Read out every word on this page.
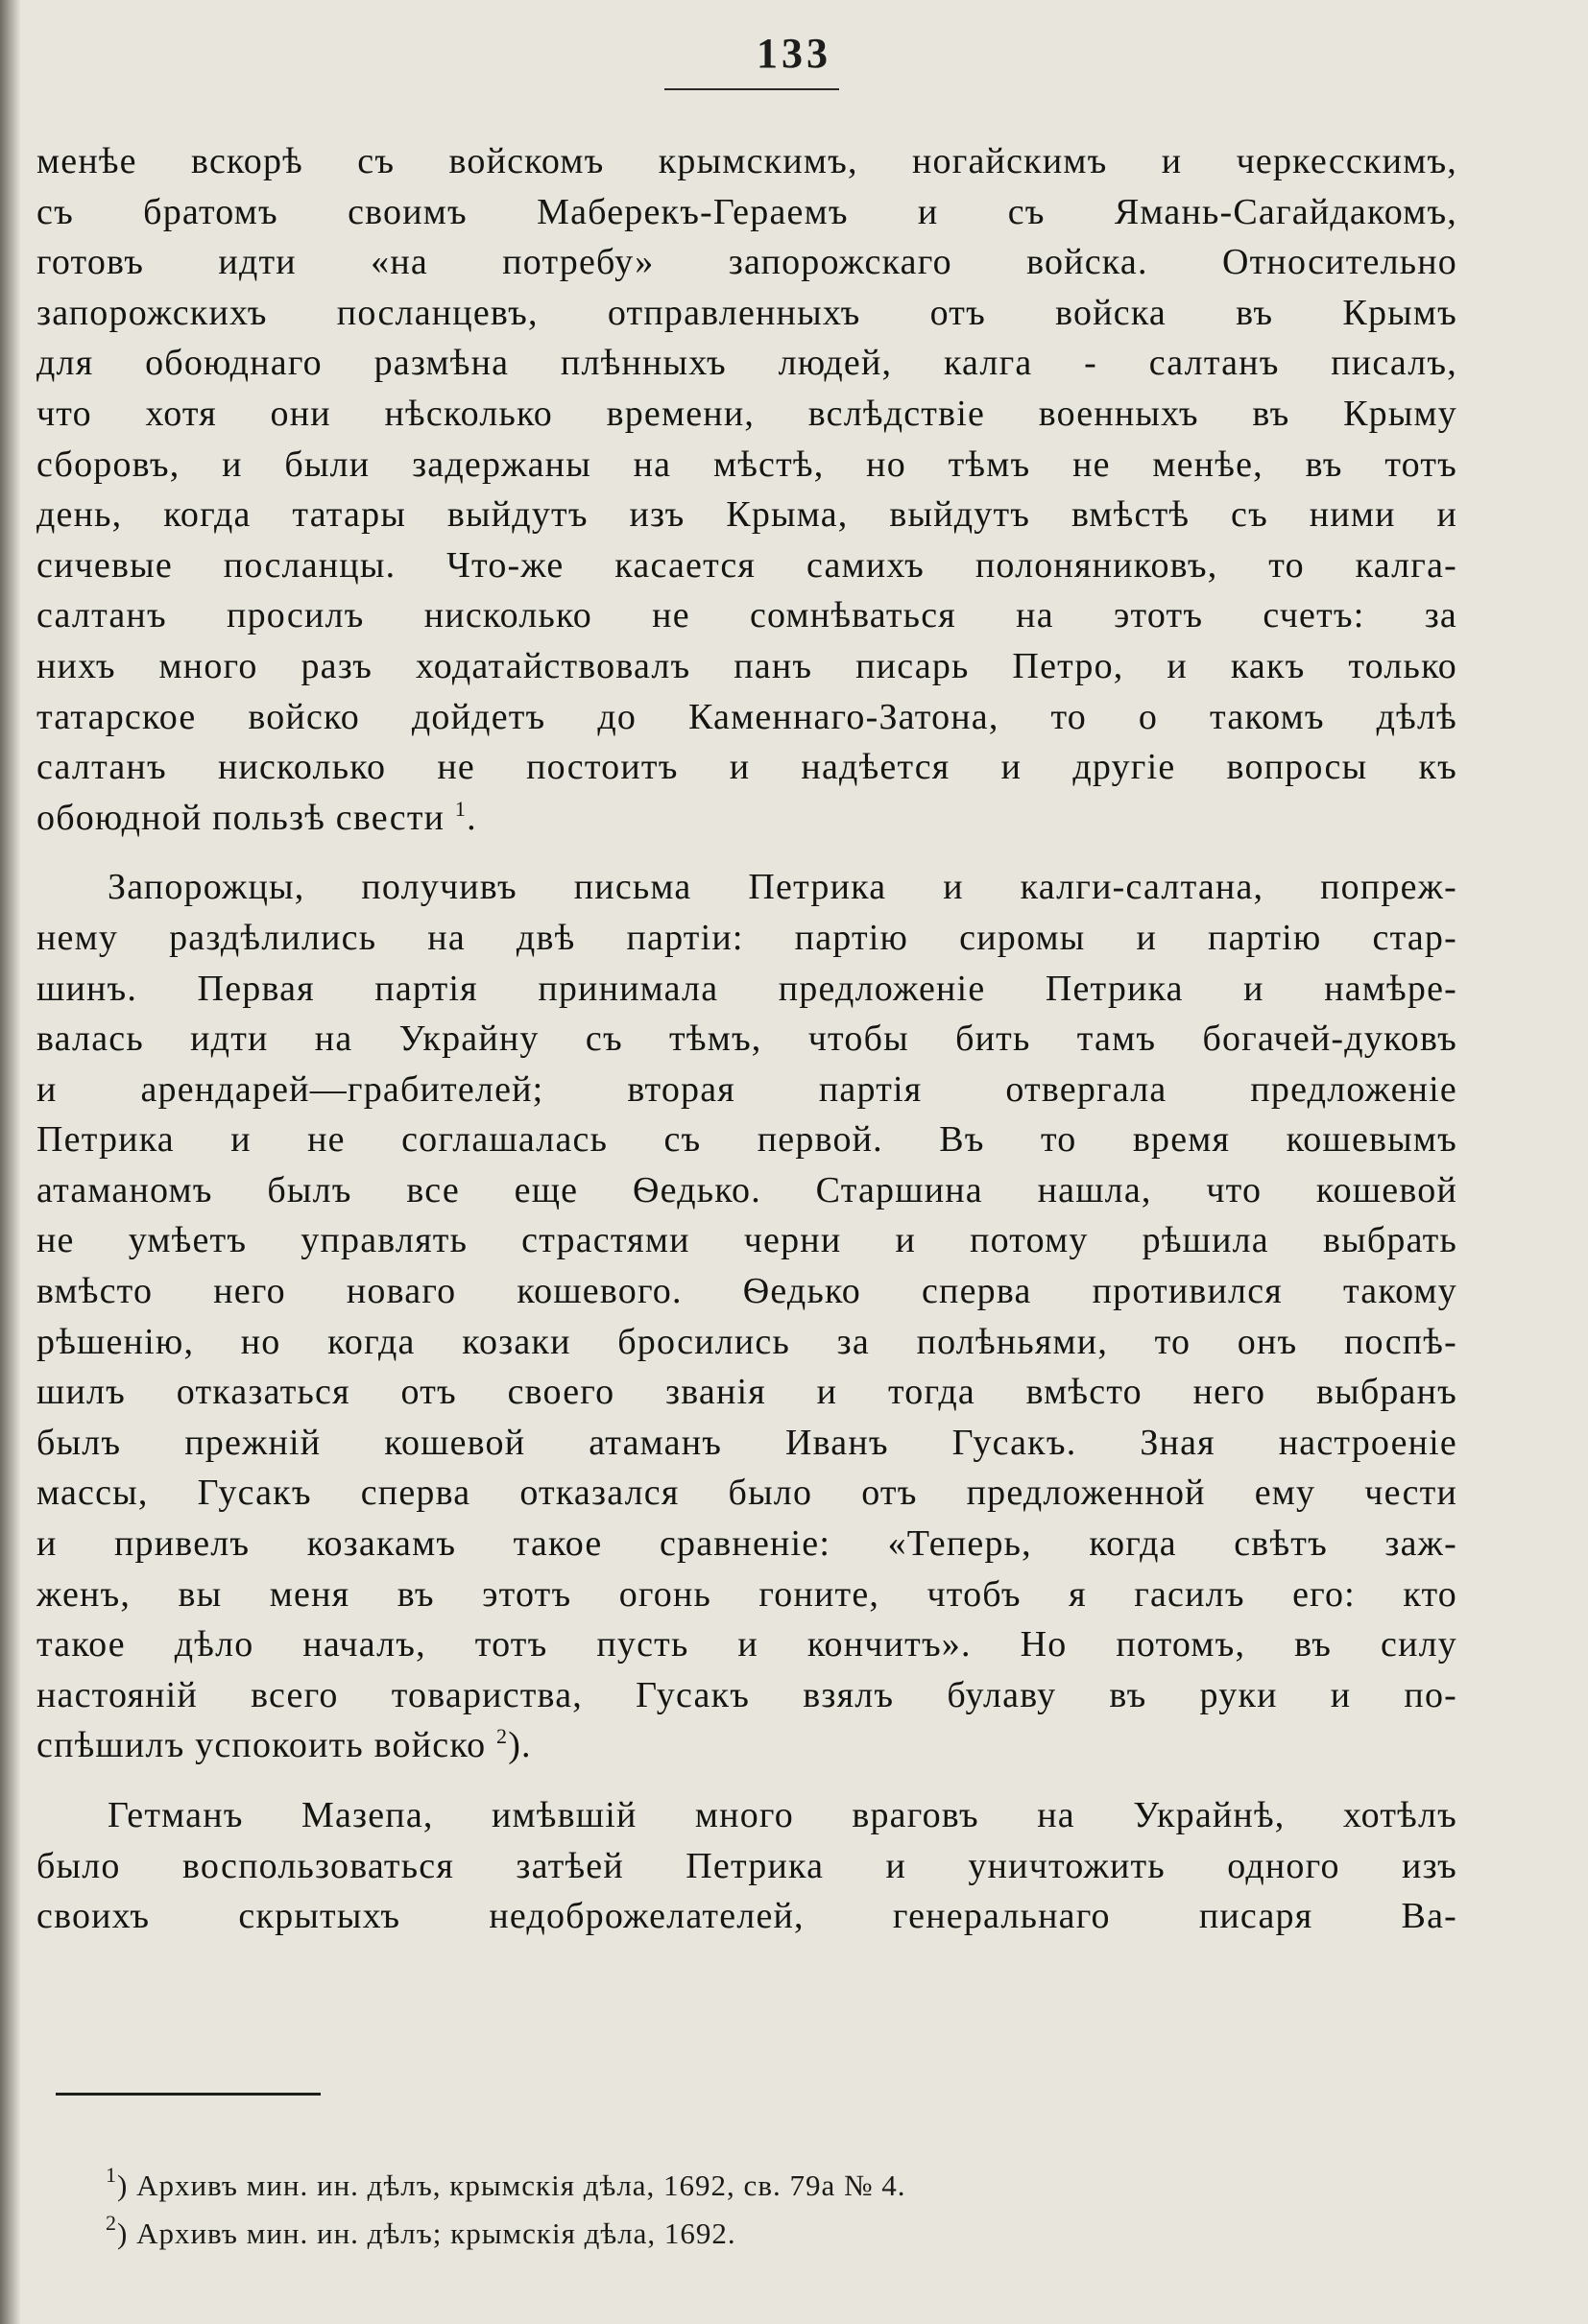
133
менѣе вскорѣ съ войскомъ крымскимъ, ногайскимъ и черкесскимъ,
съ братомъ своимъ Маберекъ-Гераемъ и съ Ямань-Сагайдакомъ,
готовъ идти «на потребу» запорожскаго войска. Относительно
запорожскихъ посланцевъ, отправленныхъ отъ войска въ Крымъ
для обоюднаго размѣна плѣнныхъ людей, калга - салтанъ писалъ,
что хотя они нѣсколько времени, вслѣдствіе военныхъ въ Крыму
сборовъ, и были задержаны на мѣстѣ, но тѣмъ не менѣе, въ тотъ
день, когда татары выйдутъ изъ Крыма, выйдутъ вмѣстѣ съ ними и
сичевые посланцы. Что-же касается самихъ полоняниковъ, то калга-
салтанъ просилъ нисколько не сомнѣваться на этотъ счетъ: за
нихъ много разъ ходатайствовалъ панъ писарь Петро, и какъ только
татарское войско дойдетъ до Каменнаго-Затона, то о такомъ дѣлѣ
салтанъ нисколько не постоитъ и надѣется и другіе вопросы къ
обоюдной пользѣ свести $^1$.
Запорожцы, получивъ письма Петрика и калги-салтана, попреж-
нему раздѣлились на двѣ партіи: партію сиромы и партію стар-
шинъ. Первая партія принимала предложеніе Петрика и намѣре-
валась идти на Украйну съ тѣмъ, чтобы бить тамъ богачей-дуковъ
и арендарей—грабителей; вторая партія отвергала предложеніе
Петрика и не соглашалась съ первой. Въ то время кошевымъ
атаманомъ былъ все еще Ѳедько. Старшина нашла, что кошевой
не умѣетъ управлять страстями черни и потому рѣшила выбрать
вмѣсто него новаго кошевого. Ѳедько сперва противился такому
рѣшенію, но когда козаки бросились за полѣньями, то онъ поспѣ-
шилъ отказаться отъ своего званія и тогда вмѣсто него выбранъ
былъ прежній кошевой атаманъ Иванъ Гусакъ. Зная настроеніе
массы, Гусакъ сперва отказался было отъ предложенной ему чести
и привелъ козакамъ такое сравненіе: «Теперь, когда свѣтъ заж-
женъ, вы меня въ этотъ огонь гоните, чтобъ я гасилъ его: кто
такое дѣло началъ, тотъ пусть и кончитъ». Но потомъ, въ силу
настояній всего товариства, Гусакъ взялъ булаву въ руки и по-
спѣшилъ успокоить войско $^2$).
Гетманъ Мазепа, имѣвшій много враговъ на Украйнѣ, хотѣлъ
было воспользоваться затѣей Петрика и уничтожить одного изъ
своихъ скрытыхъ недоброжелателей, генеральнаго писаря Ва-

$^1$) Архивъ мин. ин. дѣлъ, крымскія дѣла, 1692, св. 79а № 4.

$^2$) Архивъ мин. ин. дѣлъ; крымскія дѣла, 1692.
